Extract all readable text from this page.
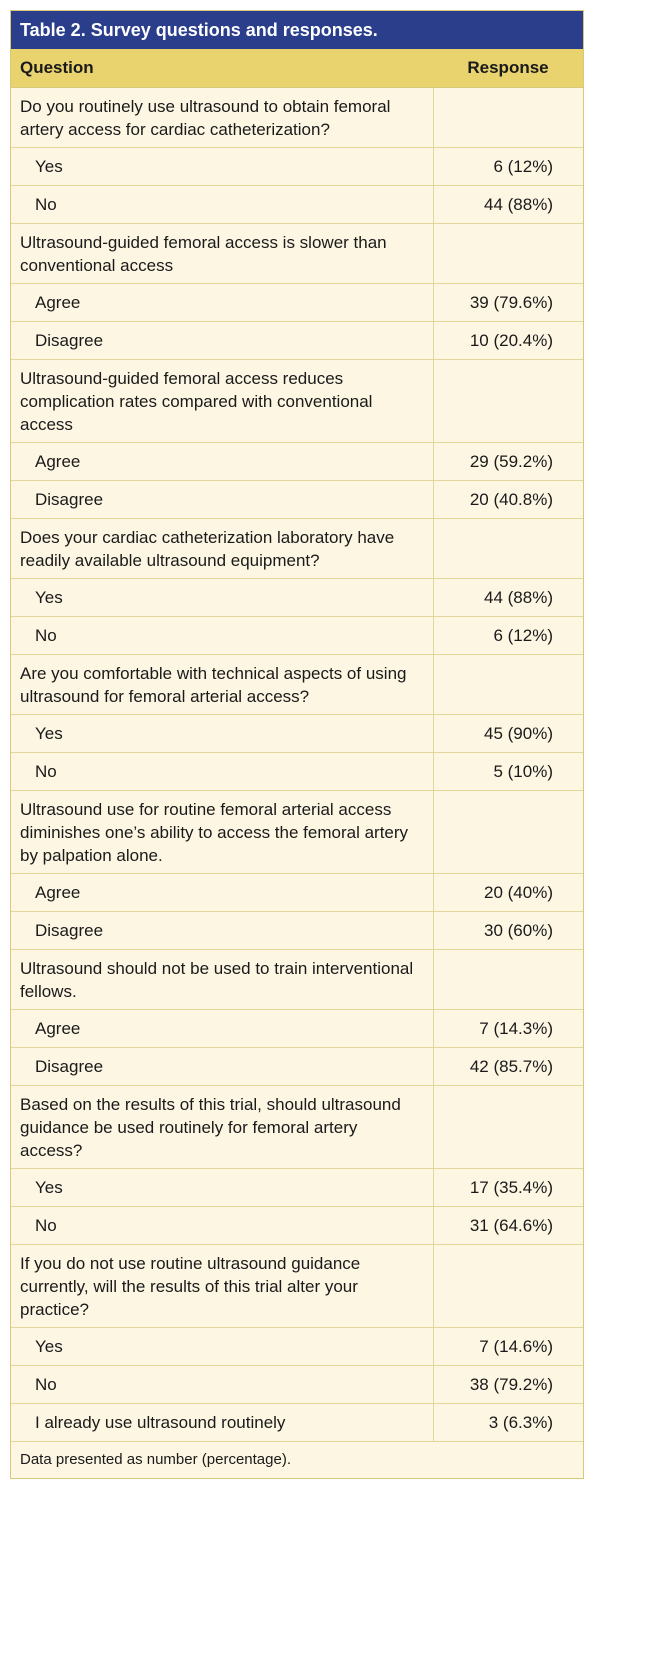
Table 2. Survey questions and responses.
Question	Response
Do you routinely use ultrasound to obtain femoral artery access for cardiac catheterization?	
Yes	6 (12%)
No	44 (88%)
Ultrasound-guided femoral access is slower than conventional access	
Agree	39 (79.6%)
Disagree	10 (20.4%)
Ultrasound-guided femoral access reduces complication rates compared with conventional access	
Agree	29 (59.2%)
Disagree	20 (40.8%)
Does your cardiac catheterization laboratory have readily available ultrasound equipment?	
Yes	44 (88%)
No	6 (12%)
Are you comfortable with technical aspects of using ultrasound for femoral arterial access?	
Yes	45 (90%)
No	5 (10%)
Ultrasound use for routine femoral arterial access diminishes one’s ability to access the femoral artery by palpation alone.	
Agree	20 (40%)
Disagree	30 (60%)
Ultrasound should not be used to train interventional fellows.	
Agree	7 (14.3%)
Disagree	42 (85.7%)
Based on the results of this trial, should ultrasound guidance be used routinely for femoral artery access?	
Yes	17 (35.4%)
No	31 (64.6%)
If you do not use routine ultrasound guidance currently, will the results of this trial alter your practice?	
Yes	7 (14.6%)
No	38 (79.2%)
I already use ultrasound routinely	3 (6.3%)
Data presented as number (percentage).
